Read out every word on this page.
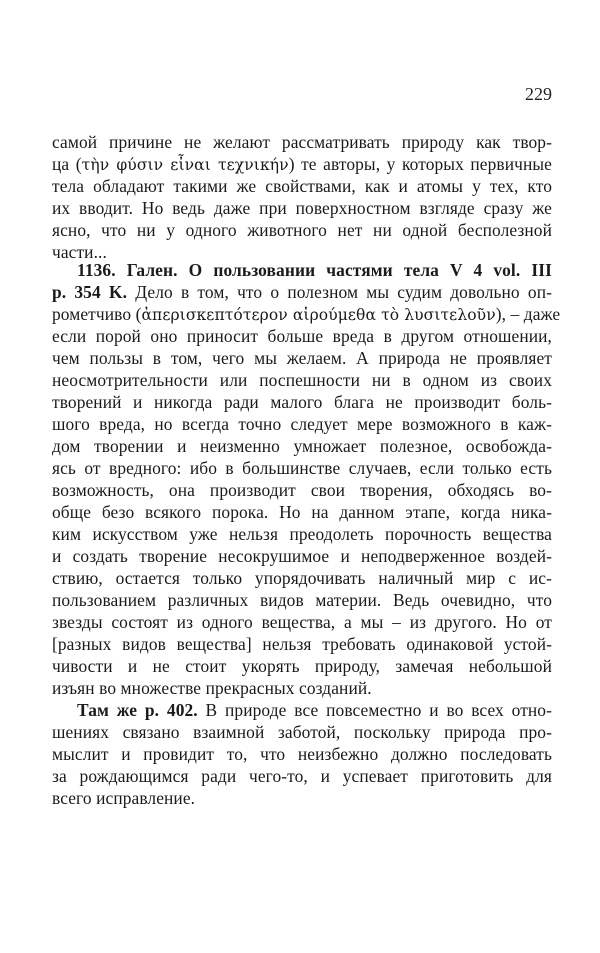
229
самой причине не желают рассматривать природу как твор-
ца (τὴν φύσιν εἶναι τεχνικήν) те авторы, у которых первичные
тела обладают такими же свойствами, как и атомы у тех, кто
их вводит. Но ведь даже при поверхностном взгляде сразу же
ясно, что ни у одного животного нет ни одной бесполезной
части...
1136. Гален. О пользовании частями тела V 4 vol. III
p. 354 K. Дело в том, что о полезном мы судим довольно оп-
рометчиво (ἀπερισκεπτότερον αἱρούμεθα τὸ λυσιτελοῦν), – даже
если порой оно приносит больше вреда в другом отношении,
чем пользы в том, чего мы желаем. А природа не проявляет
неосмотрительности или поспешности ни в одном из своих
творений и никогда ради малого блага не производит боль-
шого вреда, но всегда точно следует мере возможного в каж-
дом творении и неизменно умножает полезное, освобожда-
ясь от вредного: ибо в большинстве случаев, если только есть
возможность, она производит свои творения, обходясь во-
обще безо всякого порока. Но на данном этапе, когда ника-
ким искусством уже нельзя преодолеть порочность вещества
и создать творение несокрушимое и неподверженное воздей-
ствию, остается только упорядочивать наличный мир с ис-
пользованием различных видов материи. Ведь очевидно, что
звезды состоят из одного вещества, а мы – из другого. Но от
[разных видов вещества] нельзя требовать одинаковой устой-
чивости и не стоит укорять природу, замечая небольшой
изъян во множестве прекрасных созданий.
Там же p. 402. В природе все повсеместно и во всех отно-
шениях связано взаимной заботой, поскольку природа про-
мыслит и провидит то, что неизбежно должно последовать
за рождающимся ради чего-то, и успевает приготовить для
всего исправление.
